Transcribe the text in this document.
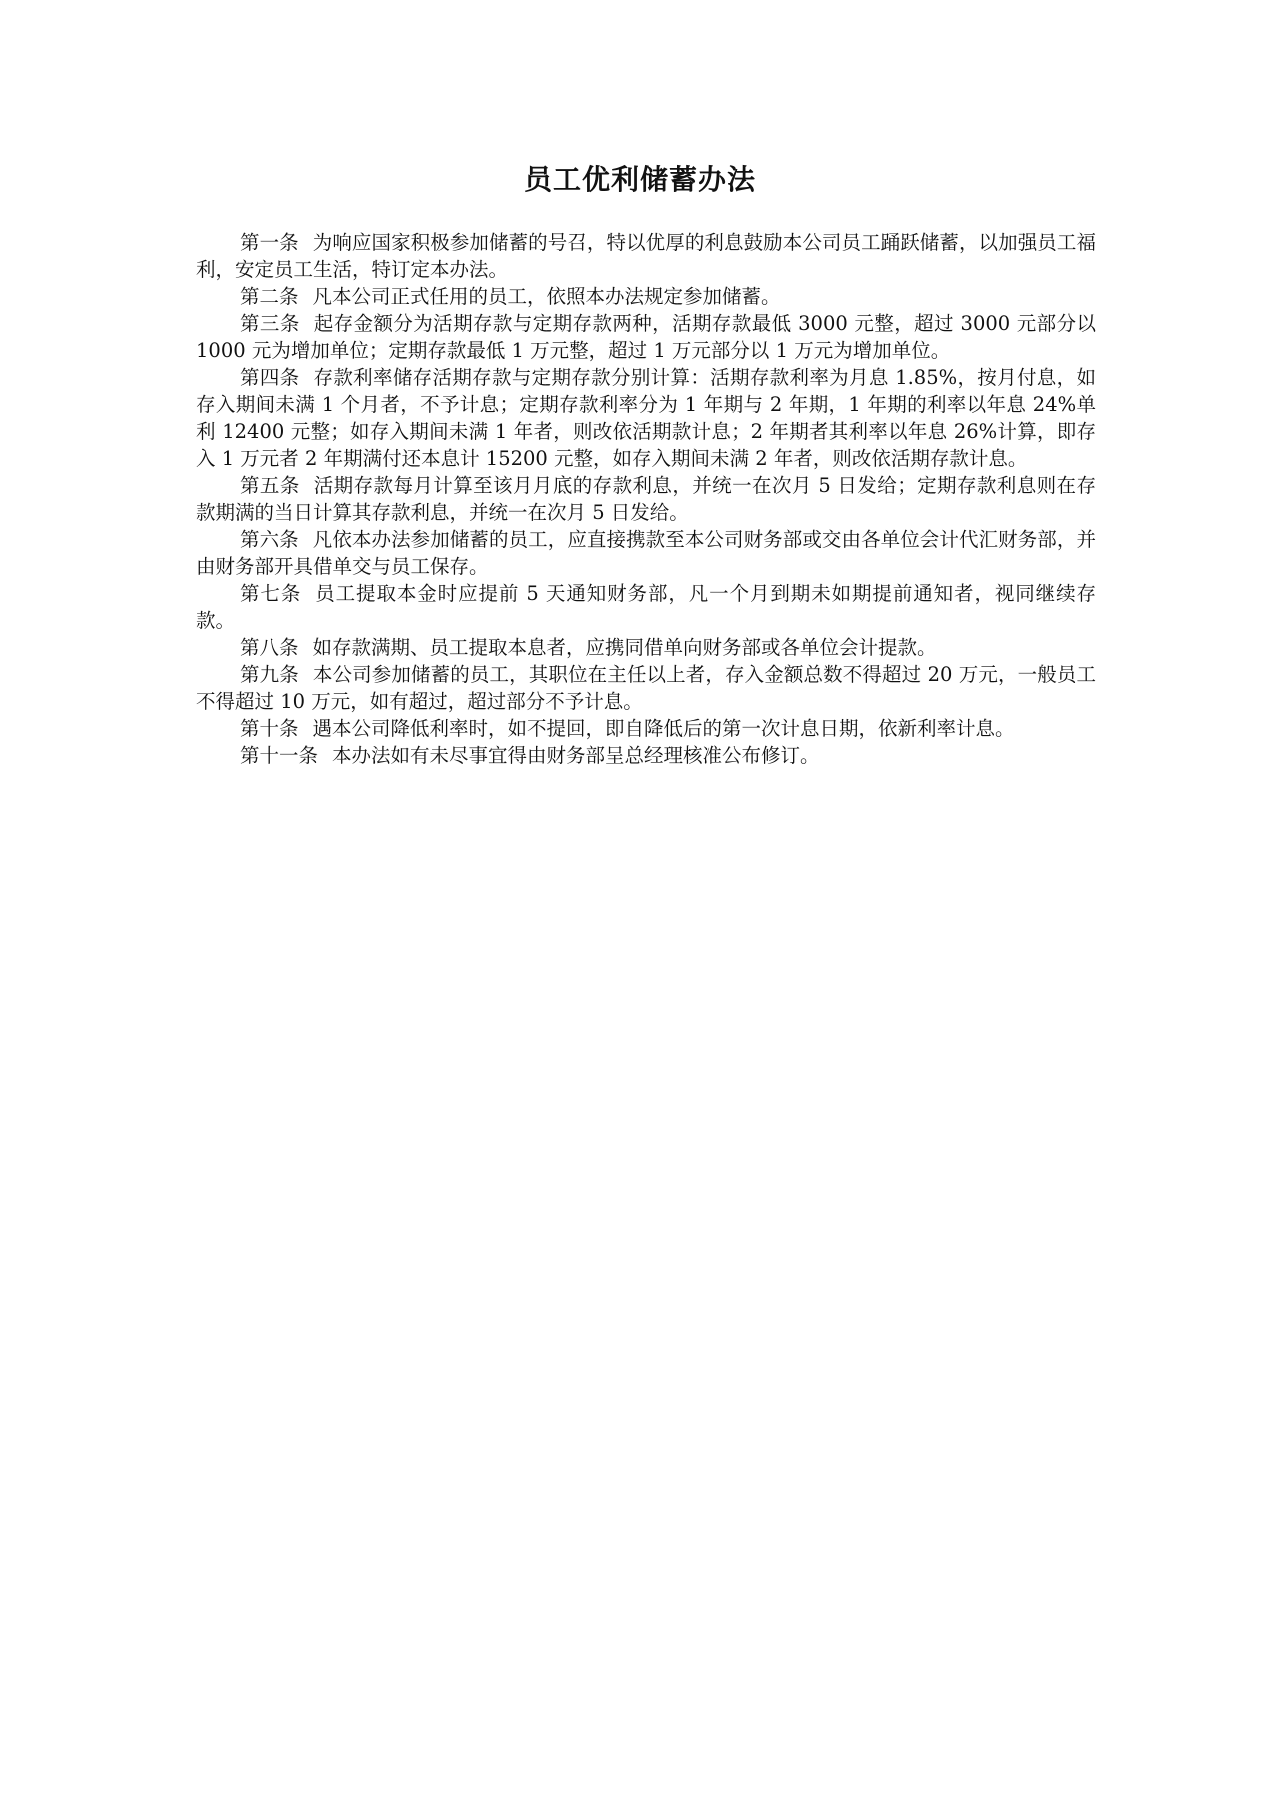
员工优利储蓄办法

第一条 为响应国家积极参加储蓄的号召，特以优厚的利息鼓励本公司员工踊跃储蓄，以加强员工福利，安定员工生活，特订定本办法。

第二条 凡本公司正式任用的员工，依照本办法规定参加储蓄。

第三条 起存金额分为活期存款与定期存款两种，活期存款最低 3000 元整，超过 3000 元部分以 1000 元为增加单位；定期存款最低 1 万元整，超过 1 万元部分以 1 万元为增加单位。

第四条 存款利率储存活期存款与定期存款分别计算：活期存款利率为月息 1.85%，按月付息，如存入期间未满 1 个月者，不予计息；定期存款利率分为 1 年期与 2 年期，1 年期的利率以年息 24%单利 12400 元整；如存入期间未满 1 年者，则改依活期款计息；2 年期者其利率以年息 26%计算，即存入 1 万元者 2 年期满付还本息计 15200 元整，如存入期间未满 2 年者，则改依活期存款计息。

第五条 活期存款每月计算至该月月底的存款利息，并统一在次月 5 日发给；定期存款利息则在存款期满的当日计算其存款利息，并统一在次月 5 日发给。

第六条 凡依本办法参加储蓄的员工，应直接携款至本公司财务部或交由各单位会计代汇财务部，并由财务部开具借单交与员工保存。

第七条 员工提取本金时应提前 5 天通知财务部，凡一个月到期未如期提前通知者，视同继续存款。

第八条 如存款满期、员工提取本息者，应携同借单向财务部或各单位会计提款。

第九条 本公司参加储蓄的员工，其职位在主任以上者，存入金额总数不得超过 20 万元，一般员工不得超过 10 万元，如有超过，超过部分不予计息。

第十条 遇本公司降低利率时，如不提回，即自降低后的第一次计息日期，依新利率计息。

第十一条 本办法如有未尽事宜得由财务部呈总经理核准公布修订。
